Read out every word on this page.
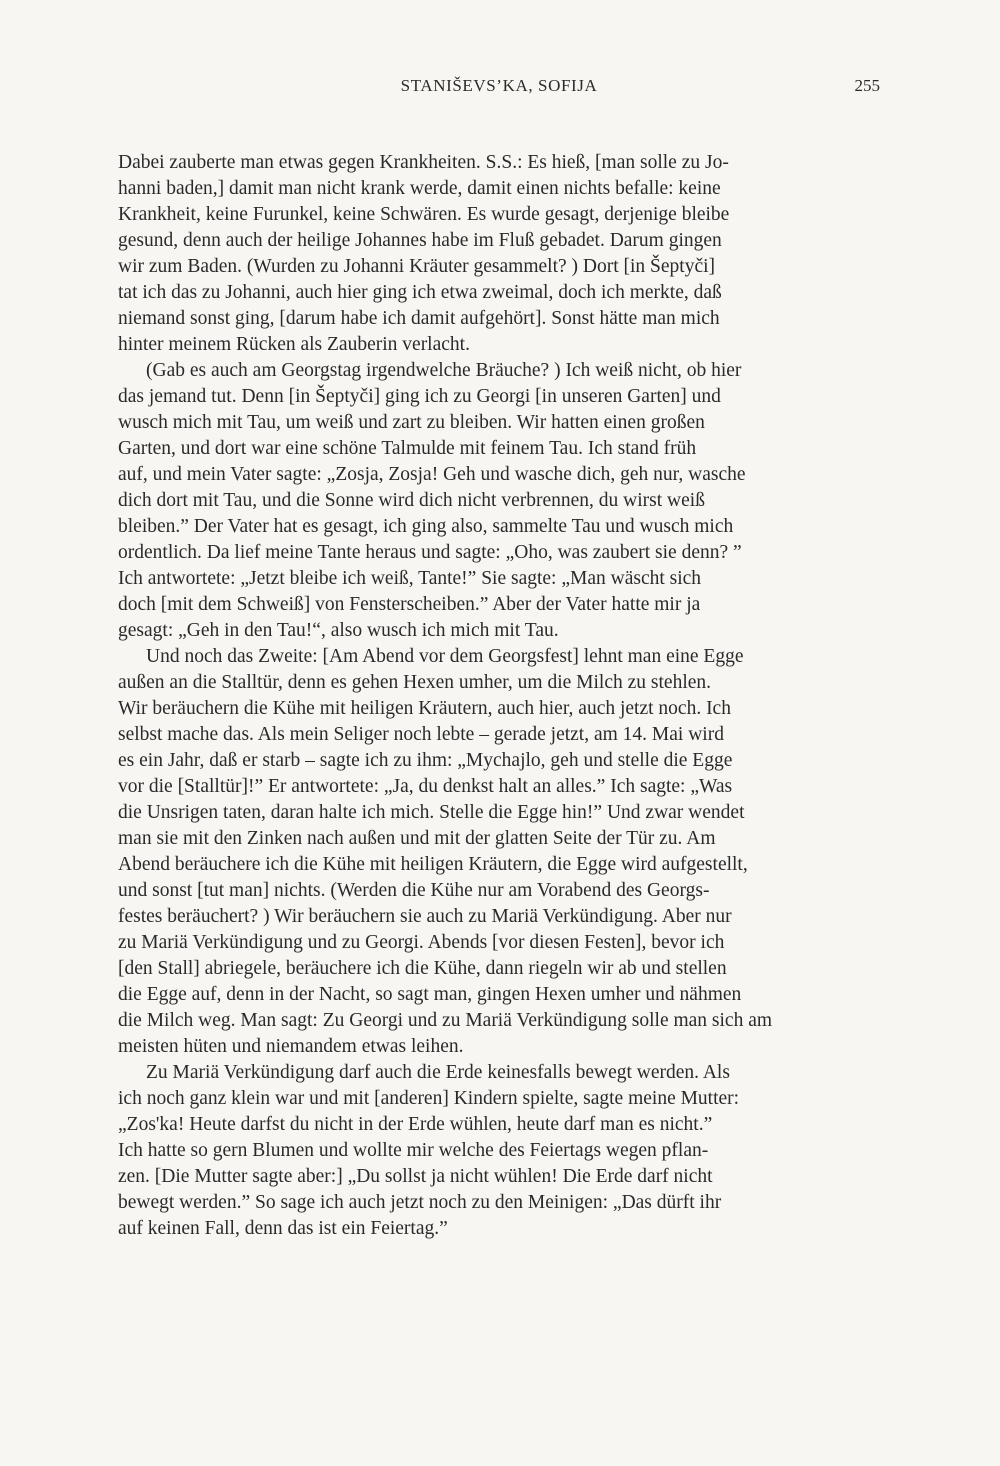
STANIŠEVS’KA, SOFIJA	255
Dabei zauberte man etwas gegen Krankheiten. S.S.: Es hieß, [man solle zu Jo-
hanni baden,] damit man nicht krank werde, damit einen nichts befalle: keine
Krankheit, keine Furunkel, keine Schwären. Es wurde gesagt, derjenige bleibe
gesund, denn auch der heilige Johannes habe im Fluß gebadet. Darum gingen
wir zum Baden. (Wurden zu Johanni Kräuter gesammelt? ) Dort [in Šeptyči]
tat ich das zu Johanni, auch hier ging ich etwa zweimal, doch ich merkte, daß
niemand sonst ging, [darum habe ich damit aufgehört]. Sonst hätte man mich
hinter meinem Rücken als Zauberin verlacht.
(Gab es auch am Georgstag irgendwelche Bräuche? ) Ich weiß nicht, ob hier
das jemand tut. Denn [in Šeptyči] ging ich zu Georgi [in unseren Garten] und
wusch mich mit Tau, um weiß und zart zu bleiben. Wir hatten einen großen
Garten, und dort war eine schöne Talmulde mit feinem Tau. Ich stand früh
auf, und mein Vater sagte: „Zosja, Zosja! Geh und wasche dich, geh nur, wasche
dich dort mit Tau, und die Sonne wird dich nicht verbrennen, du wirst weiß
bleiben.” Der Vater hat es gesagt, ich ging also, sammelte Tau und wusch mich
ordentlich. Da lief meine Tante heraus und sagte: „Oho, was zaubert sie denn? ”
Ich antwortete: „Jetzt bleibe ich weiß, Tante!” Sie sagte: „Man wäscht sich
doch [mit dem Schweiß] von Fensterscheiben.” Aber der Vater hatte mir ja
gesagt: „Geh in den Tau!“, also wusch ich mich mit Tau.
Und noch das Zweite: [Am Abend vor dem Georgsfest] lehnt man eine Egge
außen an die Stalltür, denn es gehen Hexen umher, um die Milch zu stehlen.
Wir beräuchern die Kühe mit heiligen Kräutern, auch hier, auch jetzt noch. Ich
selbst mache das. Als mein Seliger noch lebte – gerade jetzt, am 14. Mai wird
es ein Jahr, daß er starb – sagte ich zu ihm: „Mychajlo, geh und stelle die Egge
vor die [Stalltür]!” Er antwortete: „Ja, du denkst halt an alles.” Ich sagte: „Was
die Unsrigen taten, daran halte ich mich. Stelle die Egge hin!” Und zwar wendet
man sie mit den Zinken nach außen und mit der glatten Seite der Tür zu. Am
Abend beräuchere ich die Kühe mit heiligen Kräutern, die Egge wird aufgestellt,
und sonst [tut man] nichts. (Werden die Kühe nur am Vorabend des Georgs-
festes beräuchert? ) Wir beräuchern sie auch zu Mariä Verkündigung. Aber nur
zu Mariä Verkündigung und zu Georgi. Abends [vor diesen Festen], bevor ich
[den Stall] abriegele, beräuchere ich die Kühe, dann riegeln wir ab und stellen
die Egge auf, denn in der Nacht, so sagt man, gingen Hexen umher und nähmen
die Milch weg. Man sagt: Zu Georgi und zu Mariä Verkündigung solle man sich am
meisten hüten und niemandem etwas leihen.
Zu Mariä Verkündigung darf auch die Erde keinesfalls bewegt werden. Als
ich noch ganz klein war und mit [anderen] Kindern spielte, sagte meine Mutter:
„Zos'ka! Heute darfst du nicht in der Erde wühlen, heute darf man es nicht.”
Ich hatte so gern Blumen und wollte mir welche des Feiertags wegen pflan-
zen. [Die Mutter sagte aber:] „Du sollst ja nicht wühlen! Die Erde darf nicht
bewegt werden.” So sage ich auch jetzt noch zu den Meinigen: „Das dürft ihr
auf keinen Fall, denn das ist ein Feiertag.”
